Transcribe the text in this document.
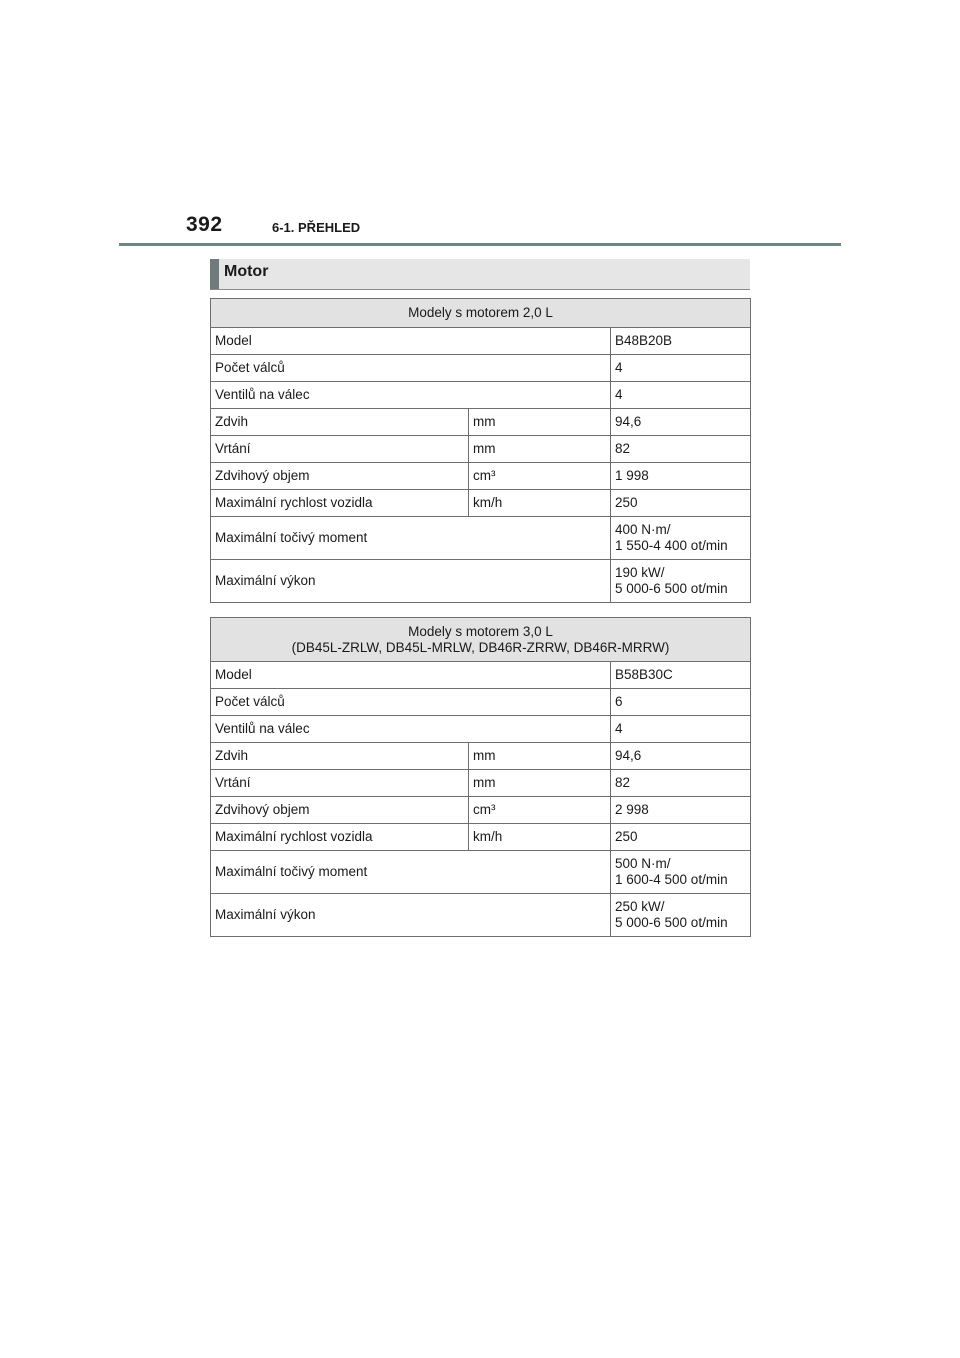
392	6-1. PŘEHLED
Motor
Modely s motorem 2,0 L		
Model		B48B20B
Počet válců		4
Ventilů na válec		4
Zdvih	mm	94,6
Vrtání	mm	82
Zdvihový objem	cm³	1 998
Maximální rychlost vozidla	km/h	250
Maximální točivý moment		400 N·m/
1 550-4 400 ot/min
Maximální výkon		190 kW/
5 000-6 500 ot/min
Modely s motorem 3,0 L
(DB45L-ZRLW, DB45L-MRLW, DB46R-ZRRW, DB46R-MRRW)		
Model		B58B30C
Počet válců		6
Ventilů na válec		4
Zdvih	mm	94,6
Vrtání	mm	82
Zdvihový objem	cm³	2 998
Maximální rychlost vozidla	km/h	250
Maximální točivý moment		500 N·m/
1 600-4 500 ot/min
Maximální výkon		250 kW/
5 000-6 500 ot/min
